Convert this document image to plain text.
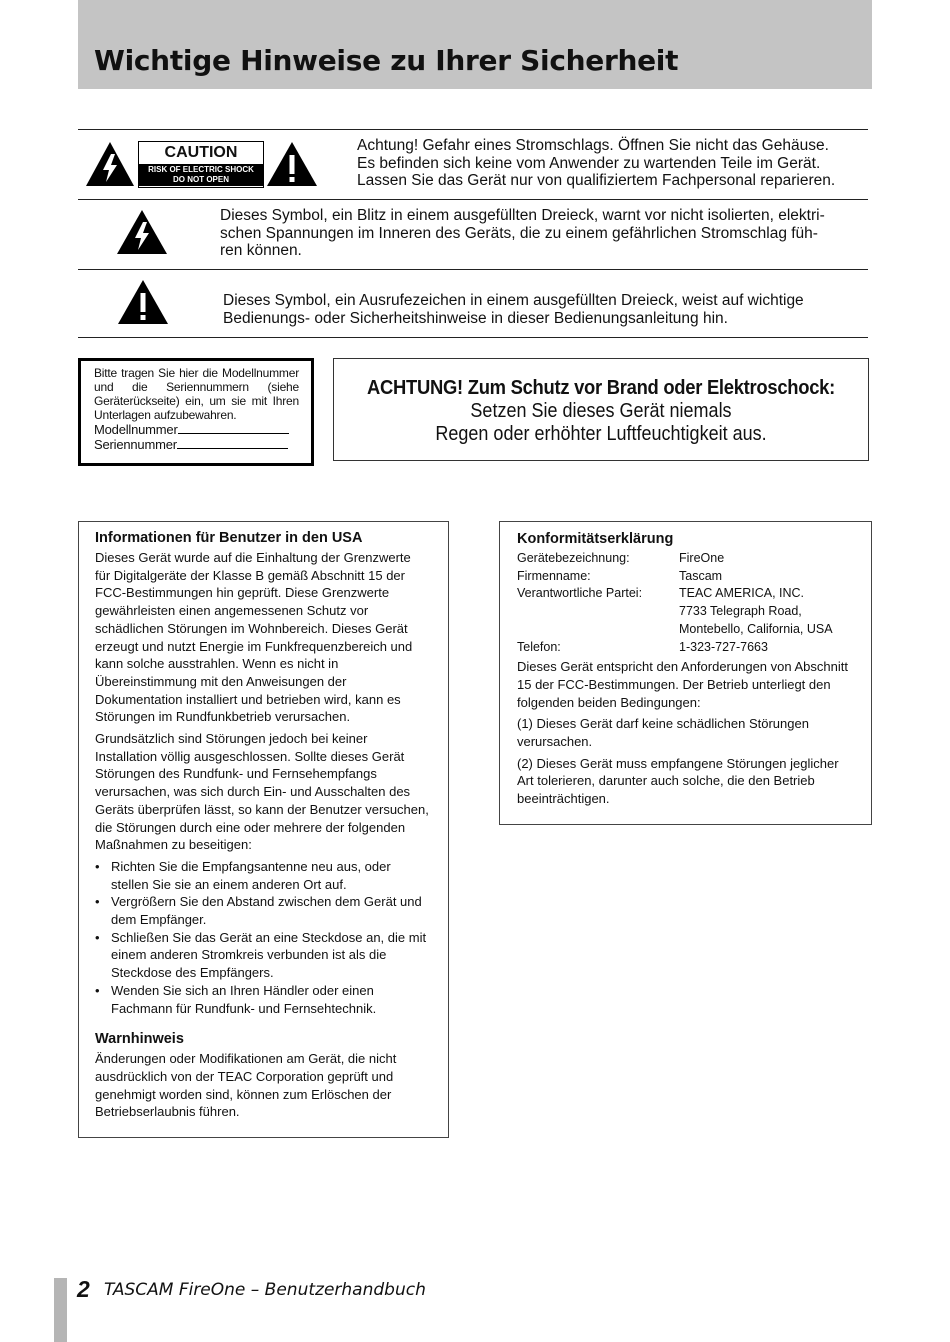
Wichtige Hinweise zu Ihrer Sicherheit
CAUTION
RISK OF ELECTRIC SHOCK
DO NOT OPEN
Achtung! Gefahr eines Stromschlags. Öffnen Sie nicht das Gehäuse.
Es befinden sich keine vom Anwender zu wartenden Teile im Gerät.
Lassen Sie das Gerät nur von qualifiziertem Fachpersonal reparieren.
Dieses Symbol, ein Blitz in einem ausgefüllten Dreieck, warnt vor nicht isolierten, elektri-
schen Spannungen im Inneren des Geräts, die zu einem gefährlichen Stromschlag füh-
ren können.
Dieses Symbol, ein Ausrufezeichen in einem ausgefüllten Dreieck, weist auf wichtige
Bedienungs- oder Sicherheitshinweise in dieser Bedienungsanleitung hin.
Bitte tragen Sie hier die Modellnummer und die Seriennummern (siehe Geräterückseite) ein, um sie mit Ihren Unterlagen aufzubewahren.
Modellnummer
Seriennummer
ACHTUNG! Zum Schutz vor Brand oder Elektroschock:
Setzen Sie dieses Gerät niemals
Regen oder erhöhter Luftfeuchtigkeit aus.
Informationen für Benutzer in den USA

Dieses Gerät wurde auf die Einhaltung der Grenzwerte für Digitalgeräte der Klasse B gemäß Abschnitt 15 der FCC-Bestimmungen hin geprüft. Diese Grenzwerte gewährleisten einen angemessenen Schutz vor schädlichen Störungen im Wohnbereich. Dieses Gerät erzeugt und nutzt Energie im Funkfrequenzbereich und kann solche ausstrahlen. Wenn es nicht in Übereinstimmung mit den Anweisungen der Dokumentation installiert und betrieben wird, kann es Störungen im Rundfunkbetrieb verursachen.

Grundsätzlich sind Störungen jedoch bei keiner Installation völlig ausgeschlossen. Sollte dieses Gerät Störungen des Rundfunk- und Fernsehempfangs verursachen, was sich durch Ein- und Ausschalten des Geräts überprüfen lässt, so kann der Benutzer versuchen, die Störungen durch eine oder mehrere der folgenden Maßnahmen zu beseitigen:

• Richten Sie die Empfangsantenne neu aus, oder stellen Sie sie an einem anderen Ort auf.
• Vergrößern Sie den Abstand zwischen dem Gerät und dem Empfänger.
• Schließen Sie das Gerät an eine Steckdose an, die mit einem anderen Stromkreis verbunden ist als die Steckdose des Empfängers.
• Wenden Sie sich an Ihren Händler oder einen Fachmann für Rundfunk- und Fernsehtechnik.
Warnhinweis

Änderungen oder Modifikationen am Gerät, die nicht ausdrücklich von der TEAC Corporation geprüft und genehmigt worden sind, können zum Erlöschen der Betriebserlaubnis führen.

Konformitätserklärung
Gerätebezeichnung:	FireOne
Firmenname:	Tascam
Verantwortliche Partei:	TEAC AMERICA, INC.
7733 Telegraph Road,
Montebello, California, USA
Telefon:	1-323-727-7663

Dieses Gerät entspricht den Anforderungen von Abschnitt 15 der FCC-Bestimmungen. Der Betrieb unterliegt den folgenden beiden Bedingungen:

(1) Dieses Gerät darf keine schädlichen Störungen verursachen.

(2) Dieses Gerät muss empfangene Störungen jeglicher Art tolerieren, darunter auch solche, die den Betrieb beeinträchtigen.

2 TASCAM FireOne – Benutzerhandbuch
